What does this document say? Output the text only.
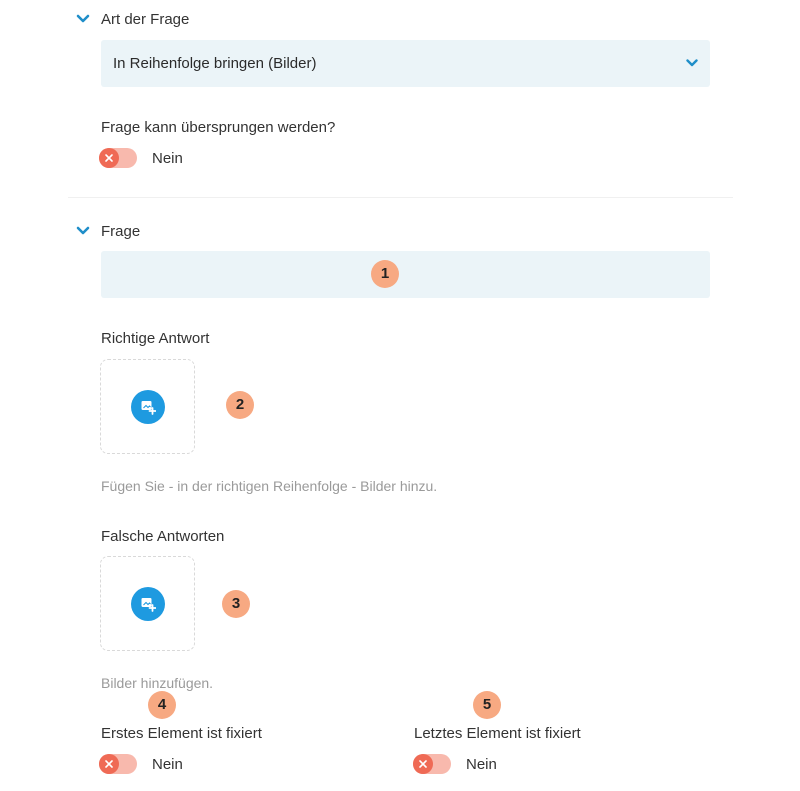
Art der Frage
In Reihenfolge bringen (Bilder)
Frage kann übersprungen werden?
Nein
Frage
1
Richtige Antwort
2
Fügen Sie - in der richtigen Reihenfolge - Bilder hinzu.
Falsche Antworten
3
Bilder hinzufügen.
4	5
Erstes Element ist fixiert
Nein
Letztes Element ist fixiert
Nein
